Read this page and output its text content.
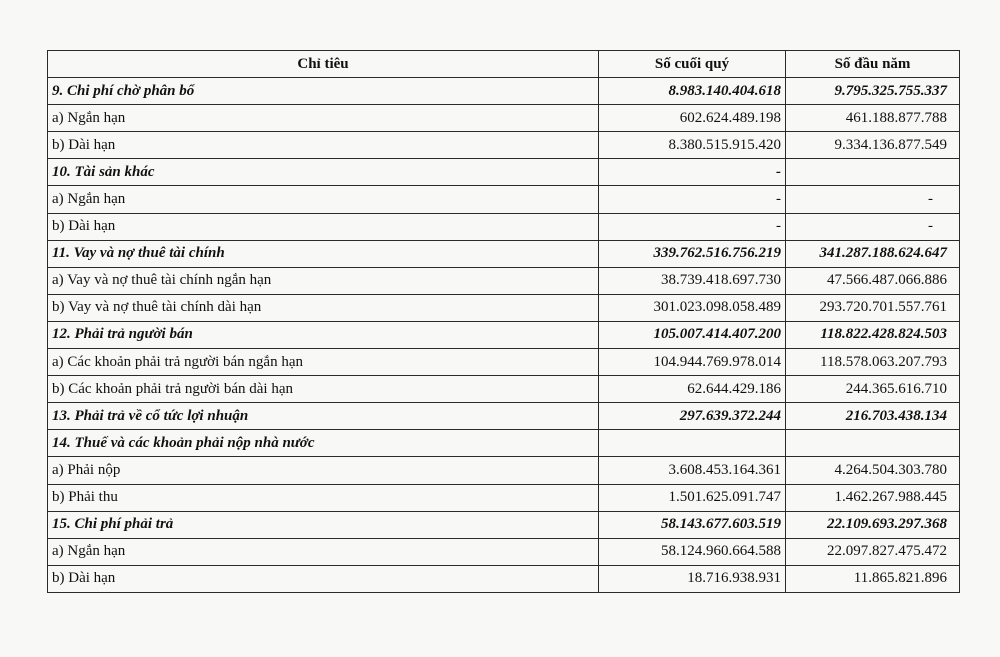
Chỉ tiêu	Số cuối quý	Số đầu năm
9. Chi phí chờ phân bổ	8.983.140.404.618	9.795.325.755.337
a) Ngắn hạn	602.624.489.198	461.188.877.788
b) Dài hạn	8.380.515.915.420	9.334.136.877.549
10. Tài sản khác	-	
a) Ngắn hạn	-	-
b) Dài hạn	-	-
11. Vay và nợ thuê tài chính	339.762.516.756.219	341.287.188.624.647
a) Vay và nợ thuê tài chính ngắn hạn	38.739.418.697.730	47.566.487.066.886
b) Vay và nợ thuê tài chính dài hạn	301.023.098.058.489	293.720.701.557.761
12. Phải trả người bán	105.007.414.407.200	118.822.428.824.503
a) Các khoản phải trả người bán ngắn hạn	104.944.769.978.014	118.578.063.207.793
b) Các khoản phải trả người bán dài hạn	62.644.429.186	244.365.616.710
13. Phải trả về cổ tức lợi nhuận	297.639.372.244	216.703.438.134
14. Thuế và các khoản phải nộp nhà nước		
a) Phải nộp	3.608.453.164.361	4.264.504.303.780
b) Phải thu	1.501.625.091.747	1.462.267.988.445
15. Chi phí phải trả	58.143.677.603.519	22.109.693.297.368
a) Ngắn hạn	58.124.960.664.588	22.097.827.475.472
b) Dài hạn	18.716.938.931	11.865.821.896
